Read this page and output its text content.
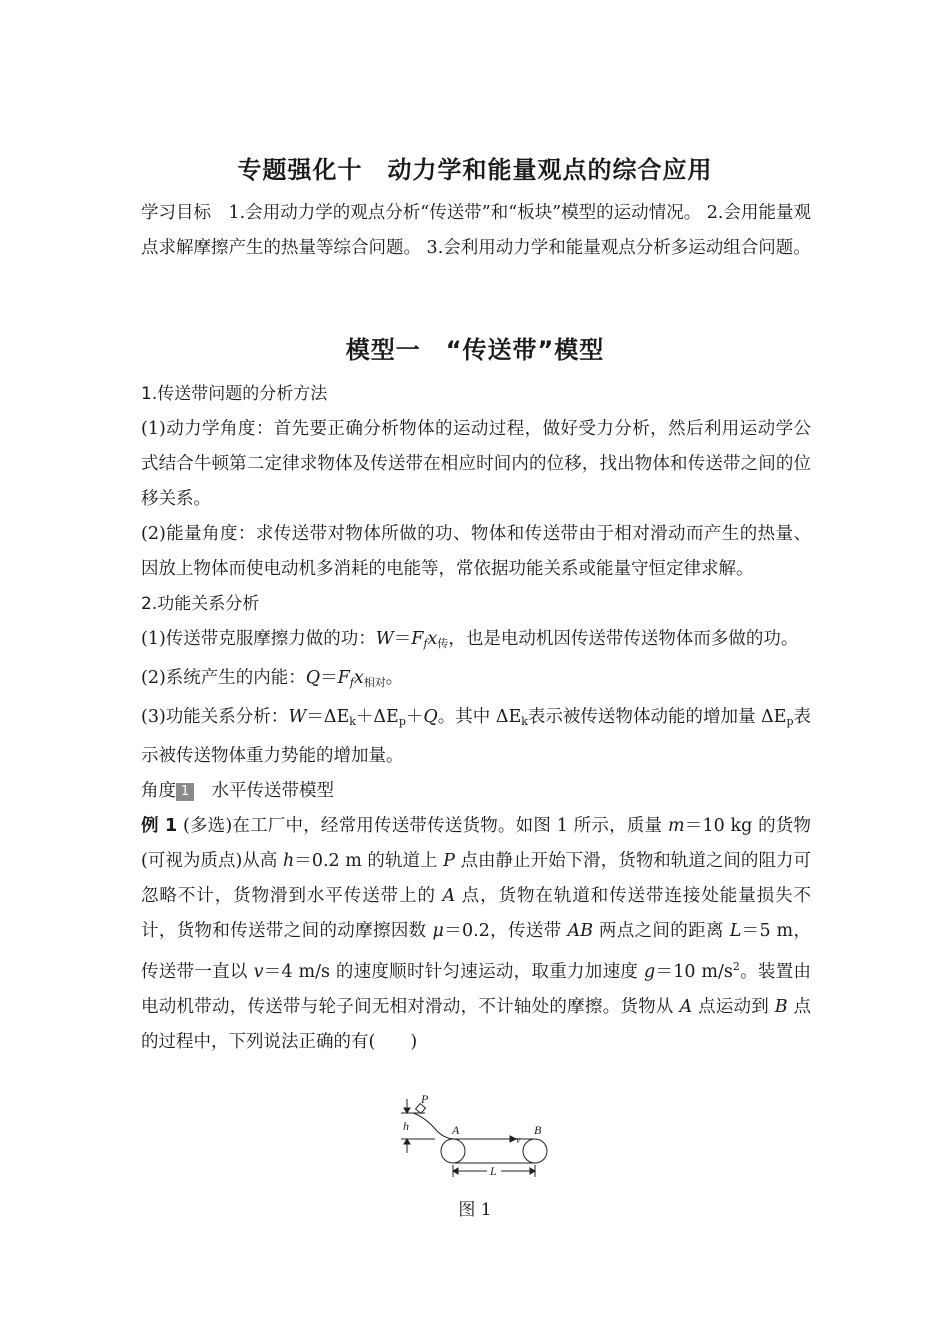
专题强化十　动力学和能量观点的综合应用

学习目标　 1.会用动力学的观点分析“传送带”和“板块”模型的运动情况。 2.会用能量观点求解摩擦产生的热量等综合问题。 3.会利用动力学和能量观点分析多运动组合问题。

模型一　“传送带”模型

1.传送带问题的分析方法

(1)动力学角度：首先要正确分析物体的运动过程，做好受力分析，然后利用运动学公式结合牛顿第二定律求物体及传送带在相应时间内的位移，找出物体和传送带之间的位移关系。

(2)能量角度：求传送带对物体所做的功、物体和传送带由于相对滑动而产生的热量、因放上物体而使电动机多消耗的电能等，常依据功能关系或能量守恒定律求解。

2.功能关系分析

(1)传送带克服摩擦力做的功：$W=F_fx_传$，也是电动机因传送带传送物体而多做的功。

(2)系统产生的内能：$Q=F_fx_{相对}$。

(3)功能关系分析：$W=\Delta E_k+\Delta E_p+Q$。其中 $\Delta E_k$表示被传送物体动能的增加量 $\Delta E_p$表示被传送物体重力势能的增加量。

角度 1　 水平传送带模型

例 1 (多选)在工厂中，经常用传送带传送货物。如图 1 所示，质量 m＝10 kg 的货物(可视为质点)从高 h＝0.2 m 的轨道上 P 点由静止开始下滑，货物和轨道之间的阻力可忽略不计，货物滑到水平传送带上的 A 点，货物在轨道和传送带连接处能量损失不计，货物和传送带之间的动摩擦因数 μ＝0.2，传送带 AB 两点之间的距离 L＝5 m，传送带一直以 v＝4 m/s 的速度顺时针匀速运动，取重力加速度 g＝10 $m/s^2$。装置由电动机带动，传送带与轮子间无相对滑动，不计轴处的摩擦。货物从 A 点运动到 B 点的过程中，下列说法正确的有(　　)

P
h	A	B
v
L
图 1
